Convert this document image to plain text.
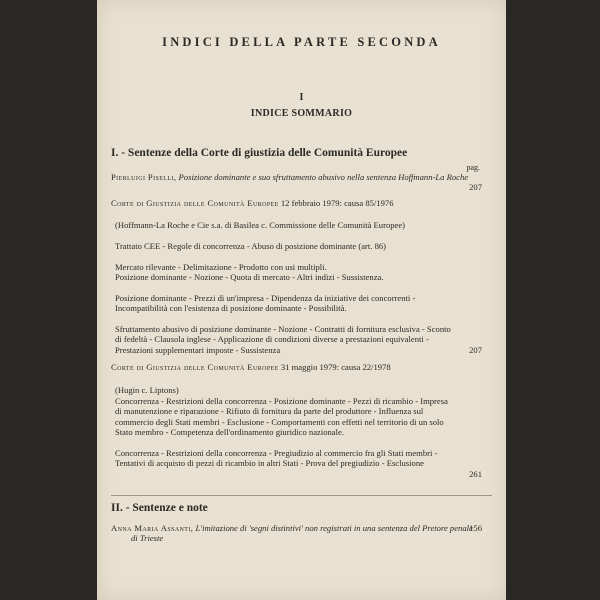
INDICI DELLA PARTE SECONDA
I
INDICE SOMMARIO
I. - Sentenze della Corte di giustizia delle Comunità Europee
pag.
Pierluigi Piselli, Posizione dominante e suo sfruttamento abusivo nella sentenza Hoffmann-La Roche
207
Corte di Giustizia delle Comunità Europee 12 febbraio 1979: causa 85/1976
(Hoffmann-La Roche e Cie s.a. di Basilea c. Commissione delle Comunità Europee)
Trattato CEE - Regole di concorrenza - Abuso di posizione dominante (art. 86)
Mercato rilevante - Delimitazione - Prodotto con usi multipli.
Posizione dominante - Nozione - Quota di mercato - Altri indizi - Sussistenza.
Posizione dominante - Prezzi di un'impresa - Dipendenza da iniziative dei concorrenti - Incompatibilità con l'esistenza di posizione dominante - Possibilità.
Sfruttamento abusivo di posizione dominante - Nozione - Contratti di fornitura esclusiva - Sconto di fedeltà - Clausola inglese - Applicazione di condizioni diverse a prestazioni equivalenti - Prestazioni supplementari imposte - Sussistenza	207
Corte di Giustizia delle Comunità Europee 31 maggio 1979: causa 22/1978
(Hugin c. Liptons)
Concorrenza - Restrizioni della concorrenza - Posizione dominante - Pezzi di ricambio - Impresa di manutenzione e riparazione - Rifiuto di fornitura da parte del produttore - Influenza sul commercio degli Stati membri - Esclusione - Comportamenti con effetti nel territorio di un solo Stato membro - Competenza dell'ordinamento giuridico nazionale.
Concorrenza - Restrizioni della concorrenza - Pregiudizio al commercio fra gli Stati membri - Tentativi di acquisto di pezzi di ricambio in altri Stati - Prova del pregiudizio - Esclusione
261
II. - Sentenze e note
Anna Maria Assanti, L'imitazione di 'segni distintivi' non registrati in una sentenza del Pretore penale di Trieste
156
